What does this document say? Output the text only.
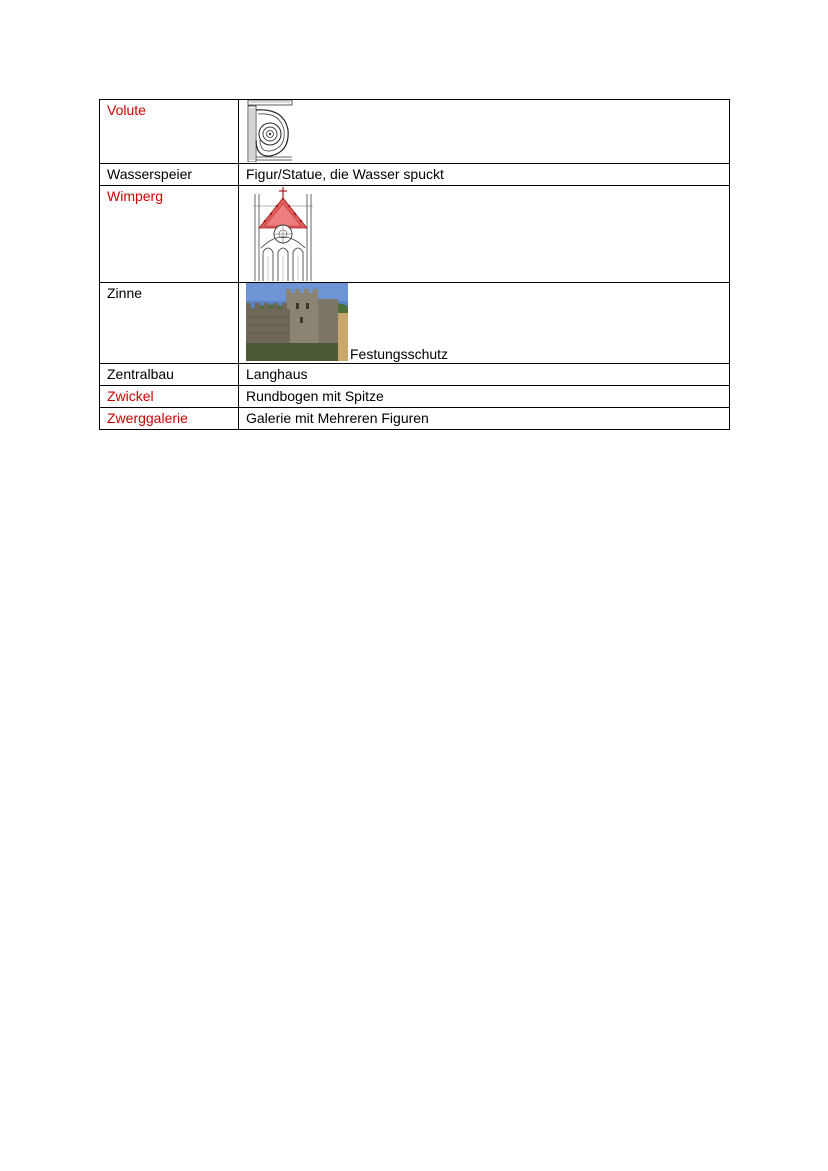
Volute	

Wasserspeier	Figur/Statue, die Wasser spuckt
Wimperg	

Zinne	Festungsschutz
Zentralbau	Langhaus
Zwickel	Rundbogen mit Spitze
Zwerggalerie	Galerie mit Mehreren Figuren
